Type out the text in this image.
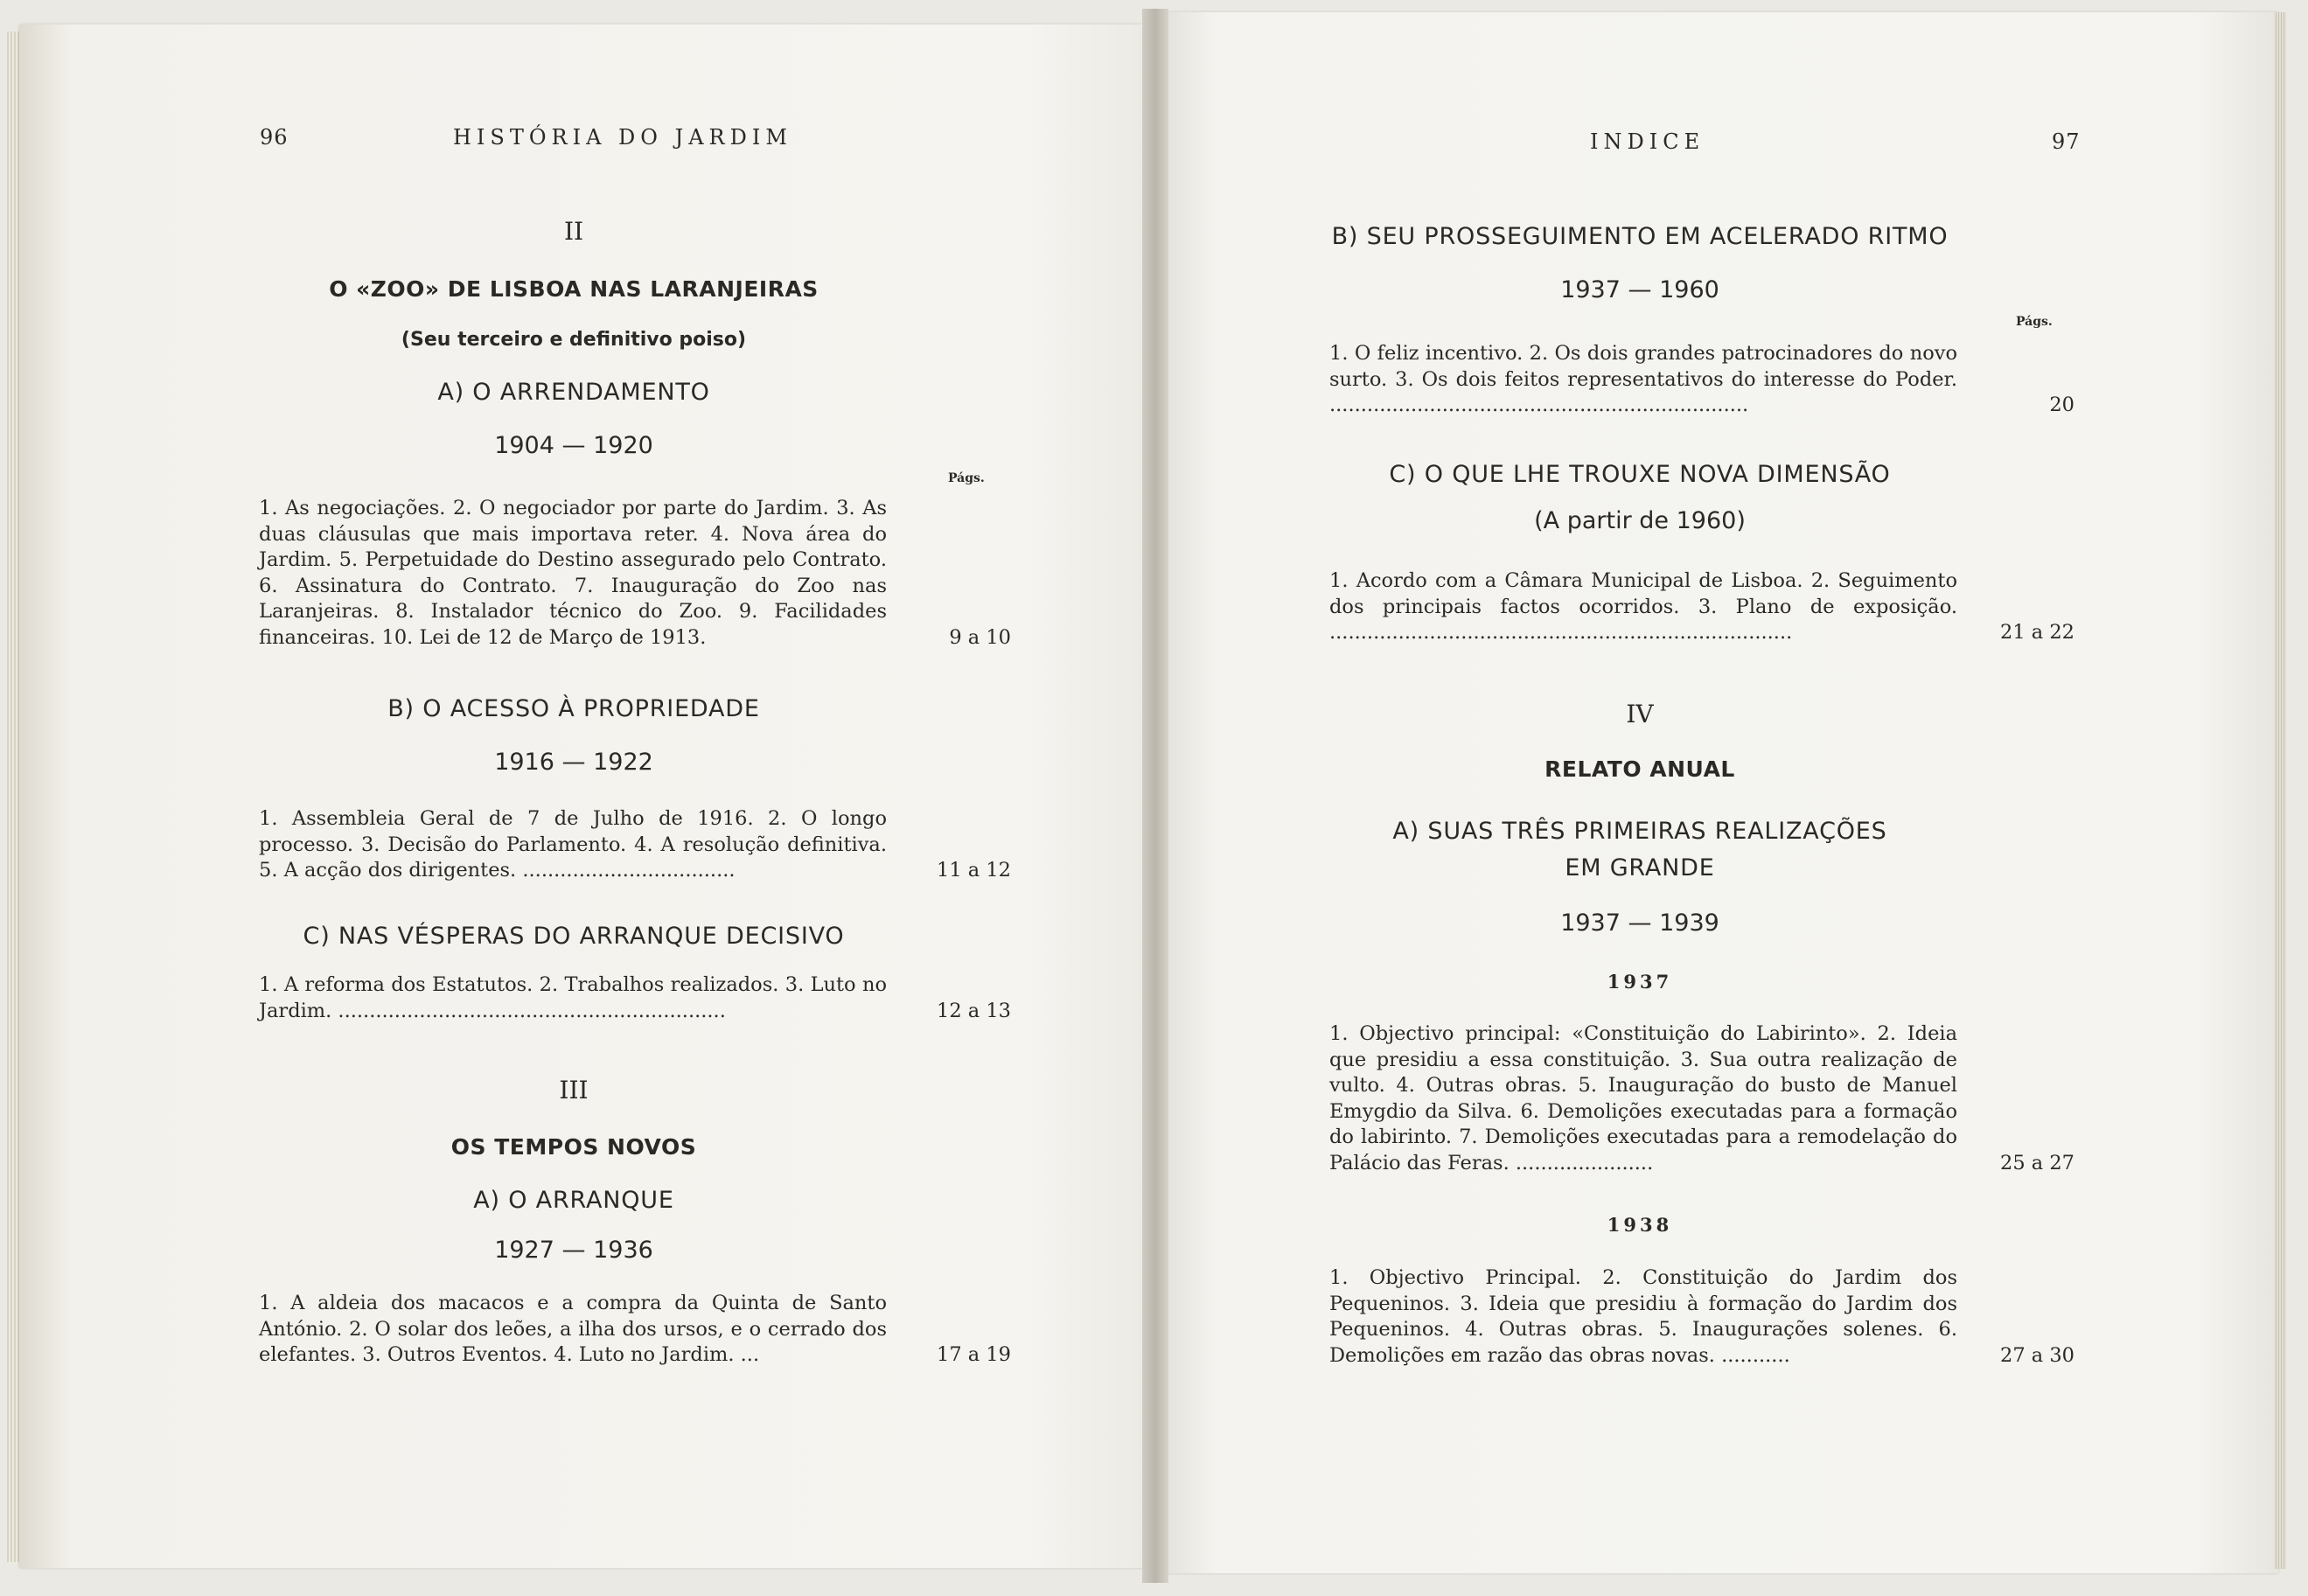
96	HISTÓRIA DO JARDIM
II
O «ZOO» DE LISBOA NAS LARANJEIRAS
(Seu terceiro e definitivo poiso)
A) O ARRENDAMENTO
1904 — 1920
Págs.
1. As negociações. 2. O negociador por parte do Jardim. 3. As duas cláusulas que mais importava reter. 4. Nova área do Jardim. 5. Perpetuidade do Destino assegurado pelo Contrato. 6. Assinatura do Contrato. 7. Inauguração do Zoo nas Laranjeiras. 8. Instalador técnico do Zoo. 9. Facilidades financeiras. 10. Lei de 12 de Março de 1913.	9 a 10
B) O ACESSO À PROPRIEDADE
1916 — 1922
1. Assembleia Geral de 7 de Julho de 1916. 2. O longo processo. 3. Decisão do Parlamento. 4. A resolução definitiva. 5. A acção dos dirigentes. ..................................	11 a 12
C) NAS VÉSPERAS DO ARRANQUE DECISIVO
1. A reforma dos Estatutos. 2. Trabalhos realizados. 3. Luto no Jardim. ..............................................................	12 a 13
III
OS TEMPOS NOVOS
A) O ARRANQUE
1927 — 1936
1. A aldeia dos macacos e a compra da Quinta de Santo António. 2. O solar dos leões, a ilha dos ursos, e o cerrado dos elefantes. 3. Outros Eventos. 4. Luto no Jardim. ...	17 a 19
INDICE	97
B) SEU PROSSEGUIMENTO EM ACELERADO RITMO
1937 — 1960
Págs.
1. O feliz incentivo. 2. Os dois grandes patrocinadores do novo surto. 3. Os dois feitos representativos do interesse do Poder. ...................................................................	20
C) O QUE LHE TROUXE NOVA DIMENSÃO
(A partir de 1960)
1. Acordo com a Câmara Municipal de Lisboa. 2. Seguimento dos principais factos ocorridos. 3. Plano de exposição. ..........................................................................	21 a 22
IV
RELATO ANUAL
A) SUAS TRÊS PRIMEIRAS REALIZAÇÕES
EM GRANDE
1937 — 1939
1937
1. Objectivo principal: «Constituição do Labirinto». 2. Ideia que presidiu a essa constituição. 3. Sua outra realização de vulto. 4. Outras obras. 5. Inauguração do busto de Manuel Emygdio da Silva. 6. Demolições executadas para a formação do labirinto. 7. Demolições executadas para a remodelação do Palácio das Feras. ......................	25 a 27
1938
1. Objectivo Principal. 2. Constituição do Jardim dos Pequeninos. 3. Ideia que presidiu à formação do Jardim dos Pequeninos. 4. Outras obras. 5. Inaugurações solenes. 6. Demolições em razão das obras novas. ...........	27 a 30
